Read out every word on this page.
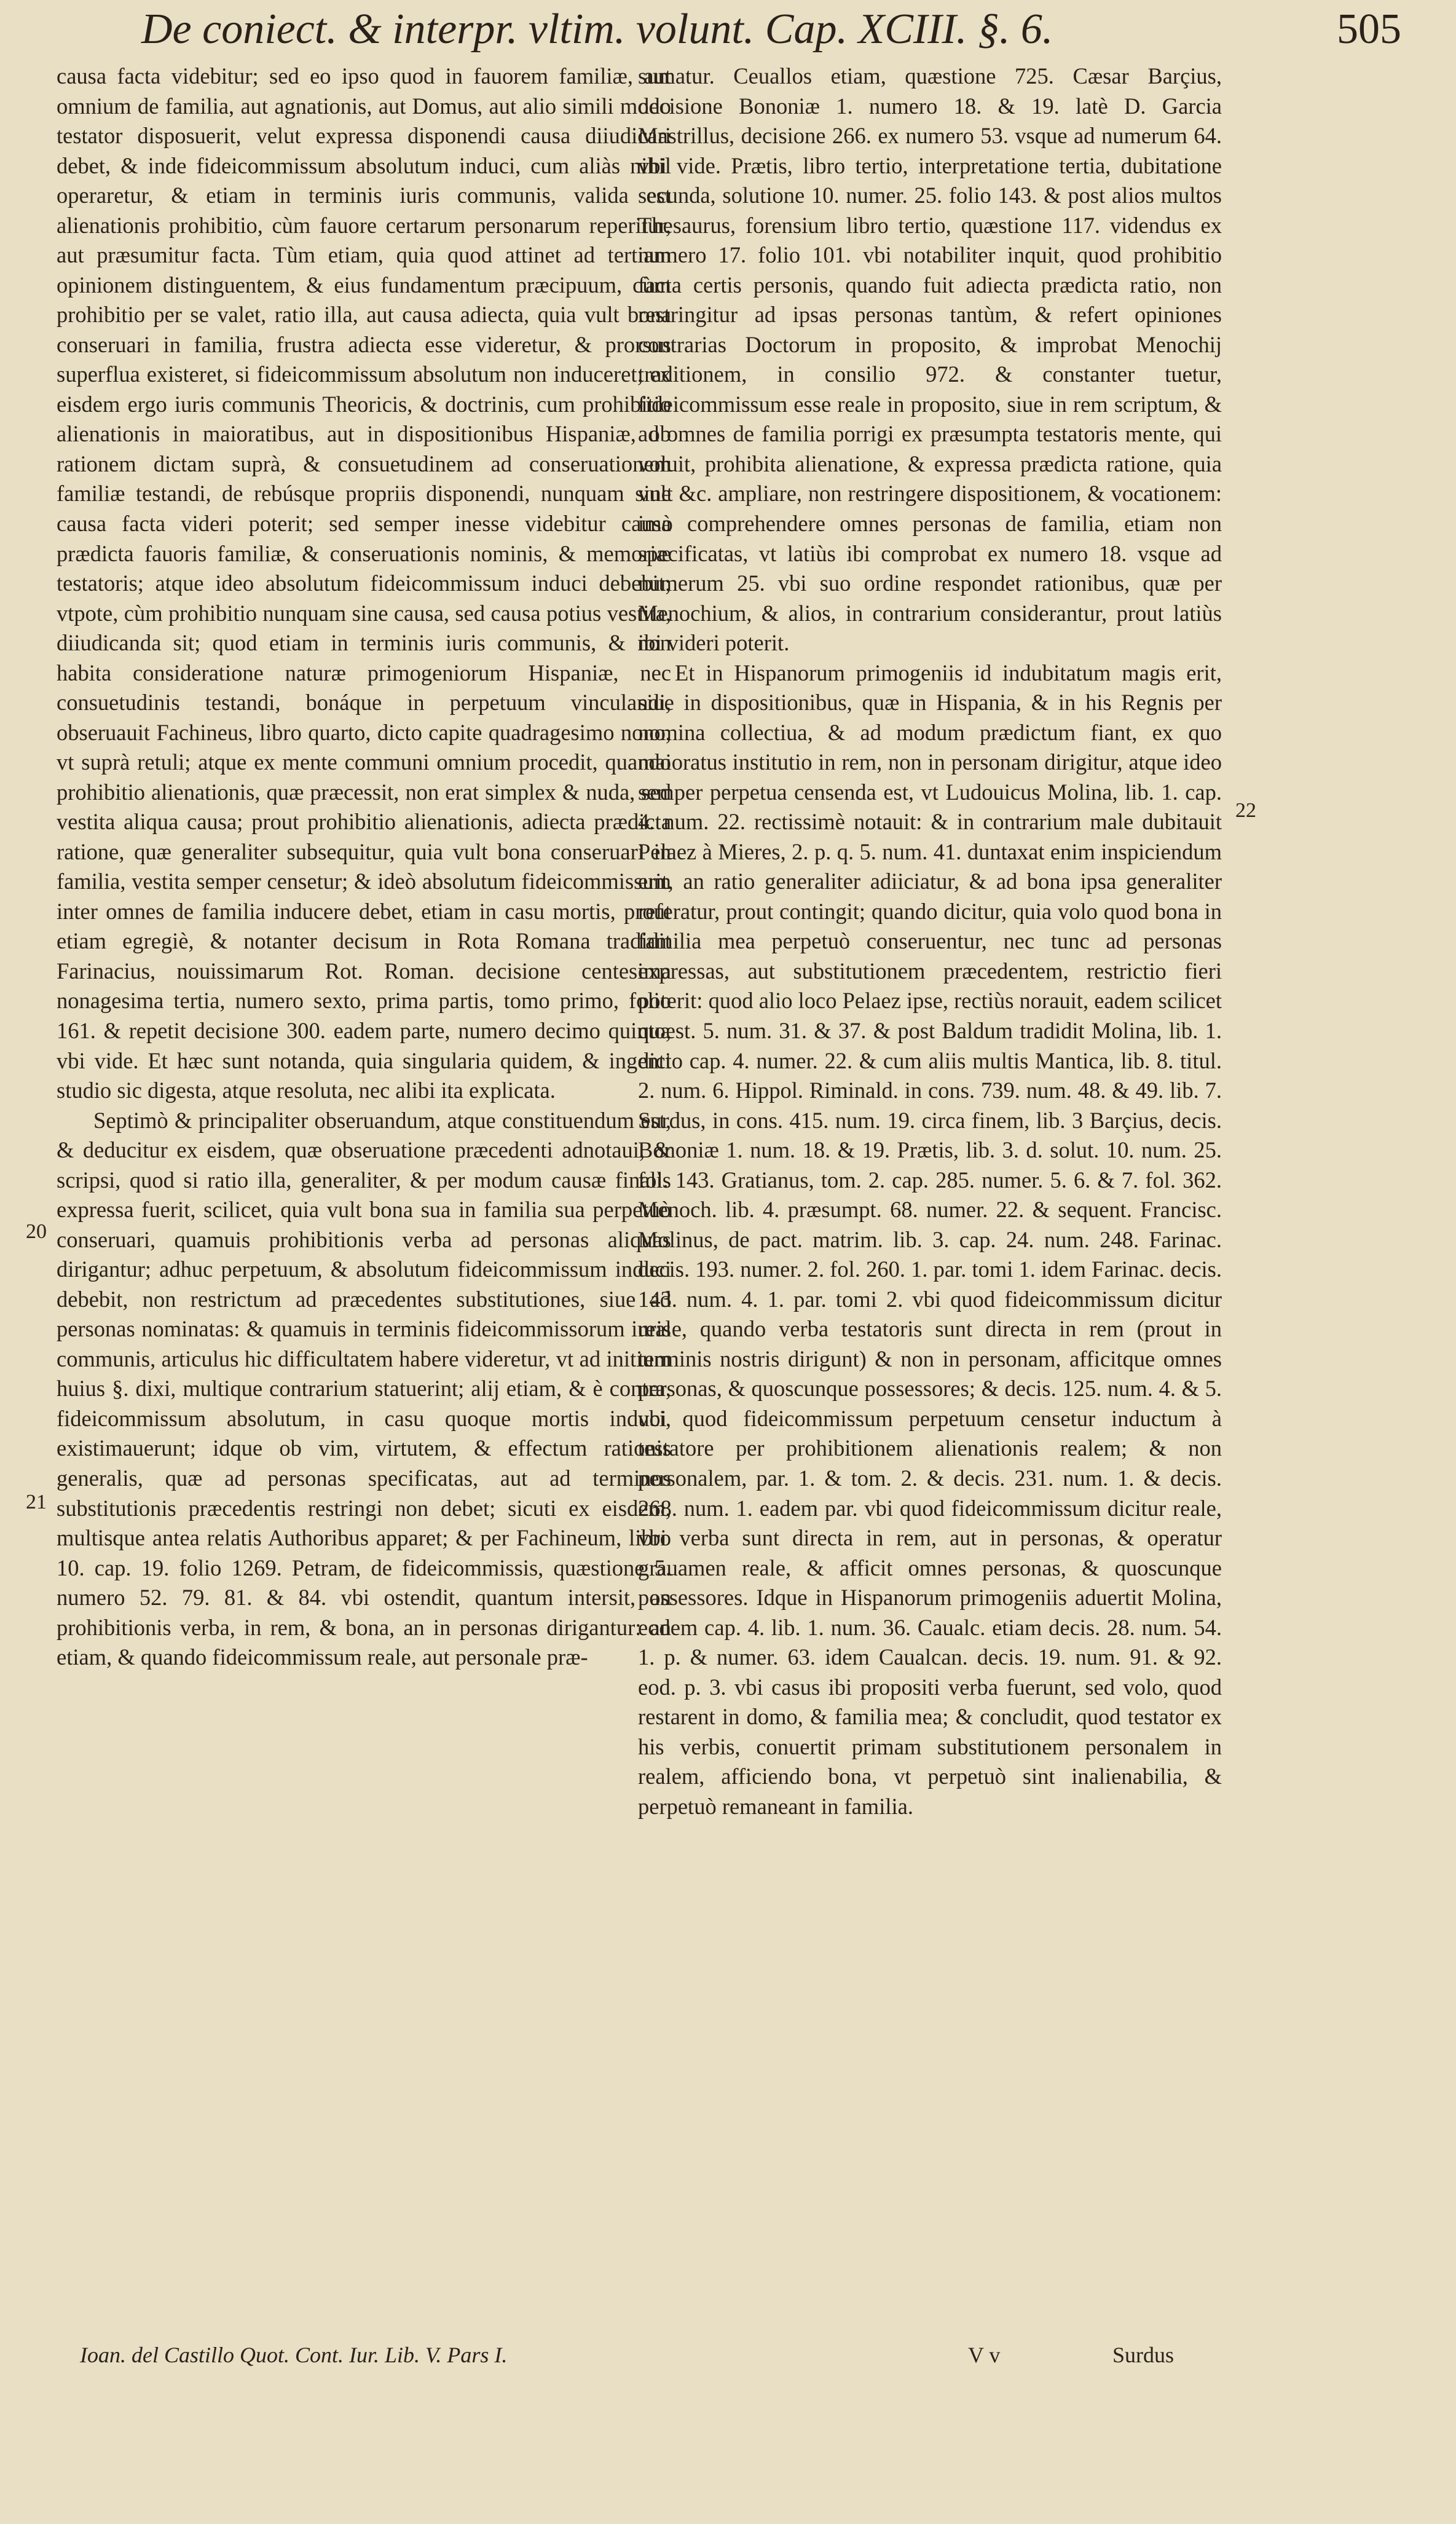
De coniect. & interpr. vltim. volunt. Cap. XCIII. §. 6.	505

causa facta videbitur; sed eo ipso quod in fauorem familiæ, aut omnium de familia, aut agnationis, aut Domus, aut alio simili modo testator disposuerit, velut expressa disponendi causa diiudicari debet, & inde fideicommissum absolutum induci, cum aliàs nihil operaretur, & etiam in terminis iuris communis, valida est alienationis prohibitio, cùm fauore certarum personarum reperitur, aut præsumitur facta. Tùm etiam, quia quod attinet ad tertiam opinionem distinguentem, & eius fundamentum præcipuum, cùm prohibitio per se valet, ratio illa, aut causa adiecta, quia vult bona conseruari in familia, frustra adiecta esse videretur, & prorsus superflua existeret, si fideicommissum absolutum non induceret; ex eisdem ergo iuris communis Theoricis, & doctrinis, cum prohibitio alienationis in maioratibus, aut in dispositionibus Hispaniæ, ob rationem dictam suprà, & consuetudinem ad conseruationem familiæ testandi, de rebúsque propriis disponendi, nunquam sine causa facta videri poterit; sed semper inesse videbitur causa prædicta fauoris familiæ, & conseruationis nominis, & memoriæ testatoris; atque ideo absolutum fideicommissum induci debebit; vtpote, cùm prohibitio nunquam sine causa, sed causa potius vestita, diiudicanda sit; quod etiam in terminis iuris communis, & non habita consideratione naturæ primogeniorum Hispaniæ, nec consuetudinis testandi, bonáque in perpetuum vinculandi, obseruauit Fachineus, libro quarto, dicto capite quadragesimo nono, vt suprà retuli; atque ex mente communi omnium procedit, quando prohibitio alienationis, quæ præcessit, non erat simplex & nuda, sed vestita aliqua causa; prout prohibitio alienationis, adiecta prædicta ratione, quæ generaliter subsequitur, quia vult bona conseruari in familia, vestita semper censetur; & ideò absolutum fideicommissum inter omnes de familia inducere debet, etiam in casu mortis, prout etiam egregiè, & notanter decisum in Rota Romana tradidit Farinacius, nouissimarum Rot. Roman. decisione centesima nonagesima tertia, numero sexto, prima partis, tomo primo, folio 161. & repetit decisione 300. eadem parte, numero decimo quinto, vbi vide. Et hæc sunt notanda, quia singularia quidem, & ingenti studio sic digesta, atque resoluta, nec alibi ita explicata.

Septimò & principaliter obseruandum, atque constituendum est, & deducitur ex eisdem, quæ obseruatione præcedenti adnotaui, & scripsi, quod si ratio illa, generaliter, & per modum causæ finalis expressa fuerit, scilicet, quia vult bona sua in familia sua perpetuò conseruari, quamuis prohibitionis verba ad personas aliquas dirigantur; adhuc perpetuum, & absolutum fideicommissum induci debebit, non restrictum ad præcedentes substitutiones, siue ad personas nominatas: & quamuis in terminis fideicommissorum iuris communis, articulus hic difficultatem habere videretur, vt ad initium huius §. dixi, multique contrarium statuerint; alij etiam, & è contra, fideicommissum absolutum, in casu quoque mortis induci, existimauerunt; idque ob vim, virtutem, & effectum rationis generalis, quæ ad personas specificatas, aut ad terminos substitutionis præcedentis restringi non debet; sicuti ex eisdem, multisque antea relatis Authoribus apparet; & per Fachineum, libro 10. cap. 19. folio 1269. Petram, de fideicommissis, quæstione 5. numero 52. 79. 81. & 84. vbi ostendit, quantum intersit, an prohibitionis verba, in rem, & bona, an in personas dirigantur: an etiam, & quando fideicommissum reale, aut personale præ-

sumatur. Ceuallos etiam, quæstione 725. Cæsar Barçius, decisione Bononiæ 1. numero 18. & 19. latè D. Garcia Mastrillus, decisione 266. ex numero 53. vsque ad numerum 64. vbi vide. Prætis, libro tertio, interpretatione tertia, dubitatione secunda, solutione 10. numer. 25. folio 143. & post alios multos Thesaurus, forensium libro tertio, quæstione 117. videndus ex numero 17. folio 101. vbi notabiliter inquit, quod prohibitio facta certis personis, quando fuit adiecta prædicta ratio, non restringitur ad ipsas personas tantùm, & refert opiniones contrarias Doctorum in proposito, & improbat Menochij traditionem, in consilio 972. & constanter tuetur, fideicommissum esse reale in proposito, siue in rem scriptum, & ad omnes de familia porrigi ex præsumpta testatoris mente, qui voluit, prohibita alienatione, & expressa prædicta ratione, quia vult &c. ampliare, non restringere dispositionem, & vocationem: imò comprehendere omnes personas de familia, etiam non specificatas, vt latiùs ibi comprobat ex numero 18. vsque ad numerum 25. vbi suo ordine respondet rationibus, quæ per Menochium, & alios, in contrarium considerantur, prout latiùs ibi videri poterit.

Et in Hispanorum primogeniis id indubitatum magis erit, siue in dispositionibus, quæ in Hispania, & in his Regnis per nomina collectiua, & ad modum prædictum fiant, ex quo maioratus institutio in rem, non in personam dirigitur, atque ideo semper perpetua censenda est, vt Ludouicus Molina, lib. 1. cap. 4. num. 22. rectissimè notauit: & in contrarium male dubitauit Pelaez à Mieres, 2. p. q. 5. num. 41. duntaxat enim inspiciendum erit, an ratio generaliter adiiciatur, & ad bona ipsa generaliter referatur, prout contingit; quando dicitur, quia volo quod bona in familia mea perpetuò conseruentur, nec tunc ad personas expressas, aut substitutionem præcedentem, restrictio fieri poterit: quod alio loco Pelaez ipse, rectiùs norauit, eadem scilicet quæst. 5. num. 31. & 37. & post Baldum tradidit Molina, lib. 1. dicto cap. 4. numer. 22. & cum aliis multis Mantica, lib. 8. titul. 2. num. 6. Hippol. Riminald. in cons. 739. num. 48. & 49. lib. 7. Surdus, in cons. 415. num. 19. circa finem, lib. 3 Barçius, decis. Bononiæ 1. num. 18. & 19. Prætis, lib. 3. d. solut. 10. num. 25. fol. 143. Gratianus, tom. 2. cap. 285. numer. 5. 6. & 7. fol. 362. Menoch. lib. 4. præsumpt. 68. numer. 22. & sequent. Francisc. Molinus, de pact. matrim. lib. 3. cap. 24. num. 248. Farinac. decis. 193. numer. 2. fol. 260. 1. par. tomi 1. idem Farinac. decis. 143. num. 4. 1. par. tomi 2. vbi quod fideicommissum dicitur reale, quando verba testatoris sunt directa in rem (prout in terminis nostris dirigunt) & non in personam, afficitque omnes personas, & quoscunque possessores; & decis. 125. num. 4. & 5. vbi quod fideicommissum perpetuum censetur inductum à testatore per prohibitionem alienationis realem; & non personalem, par. 1. & tom. 2. & decis. 231. num. 1. & decis. 268. num. 1. eadem par. vbi quod fideicommissum dicitur reale, vbi verba sunt directa in rem, aut in personas, & operatur grauamen reale, & afficit omnes personas, & quoscunque possessores. Idque in Hispanorum primogeniis aduertit Molina, eodem cap. 4. lib. 1. num. 36. Caualc. etiam decis. 28. num. 54. 1. p. & numer. 63. idem Caualcan. decis. 19. num. 91. & 92. eod. p. 3. vbi casus ibi propositi verba fuerunt, sed volo, quod restarent in domo, & familia mea; & concludit, quod testator ex his verbis, conuertit primam substitutionem personalem in realem, afficiendo bona, vt perpetuò sint inalienabilia, & perpetuò remaneant in familia.

20
21
22
Ioan. del Castillo Quot. Cont. Iur. Lib. V. Pars I.	V v	Surdus
